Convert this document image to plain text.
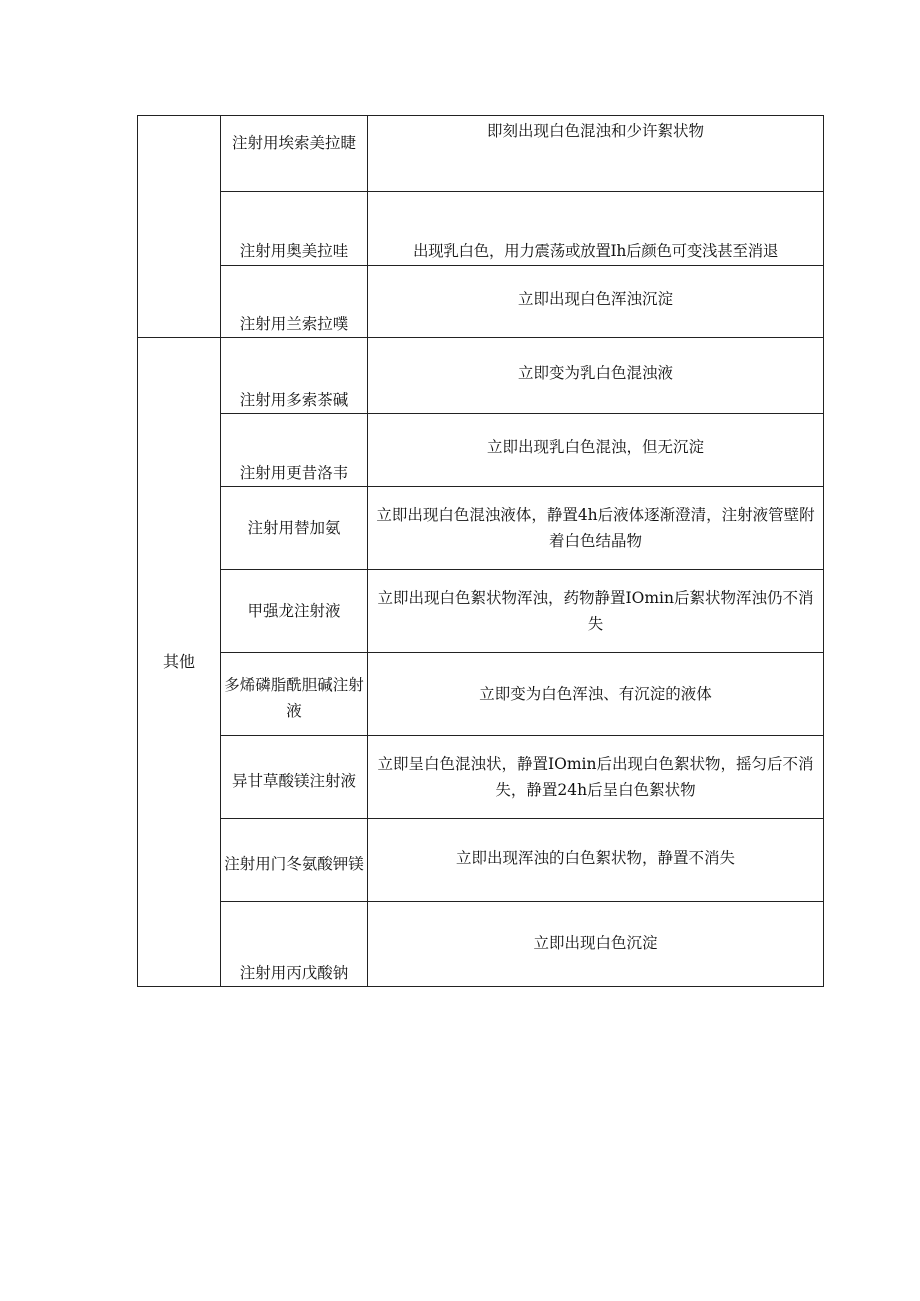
	注射用埃索美拉睫	即刻出现白色混浊和少许絮状物

	注射用奥美拉哇	出现乳白色，用力震荡或放置Ih后颜色可变浅甚至消退

	注射用兰索拉噗	立即出现白色浑浊沉淀

其他	注射用多索茶碱	立即变为乳白色混浊液

	注射用更昔洛韦	立即出现乳白色混浊，但无沉淀

	注射用替加氨	立即出现白色混浊液体，静置4h后液体逐渐澄清，注射液管壁附着白色结晶物

	甲强龙注射液	立即出现白色絮状物浑浊，药物静置IOmin后絮状物浑浊仍不消失

	多烯磷脂酰胆碱注射液	立即变为白色浑浊、有沉淀的液体

	异甘草酸镁注射液	立即呈白色混浊状，静置IOmin后出现白色絮状物，摇匀后不消失，静置24h后呈白色絮状物

	注射用门冬氨酸钾镁	立即出现浑浊的白色絮状物，静置不消失

	注射用丙戊酸钠	立即出现白色沉淀
